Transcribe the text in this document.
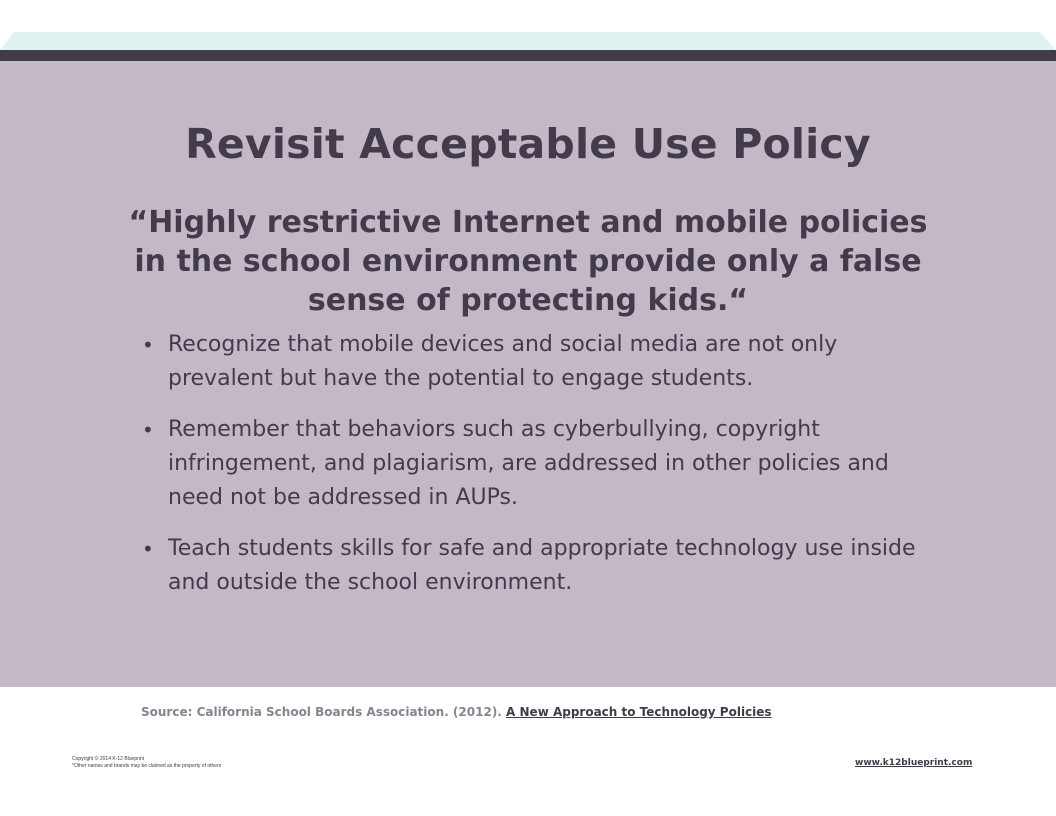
Revisit Acceptable Use Policy
“Highly restrictive Internet and mobile policies in the school environment provide only a false sense of protecting kids.“
• Recognize that mobile devices and social media are not only prevalent but have the potential to engage students.
• Remember that behaviors such as cyberbullying, copyright infringement, and plagiarism, are addressed in other policies and need not be addressed in AUPs.
• Teach students skills for safe and appropriate technology use inside and outside the school environment.
Source: California School Boards Association. (2012). A New Approach to Technology Policies
Copyright © 2014 K-12 Blueprint
*Other names and brands may be claimed as the property of others	www.k12blueprint.com
